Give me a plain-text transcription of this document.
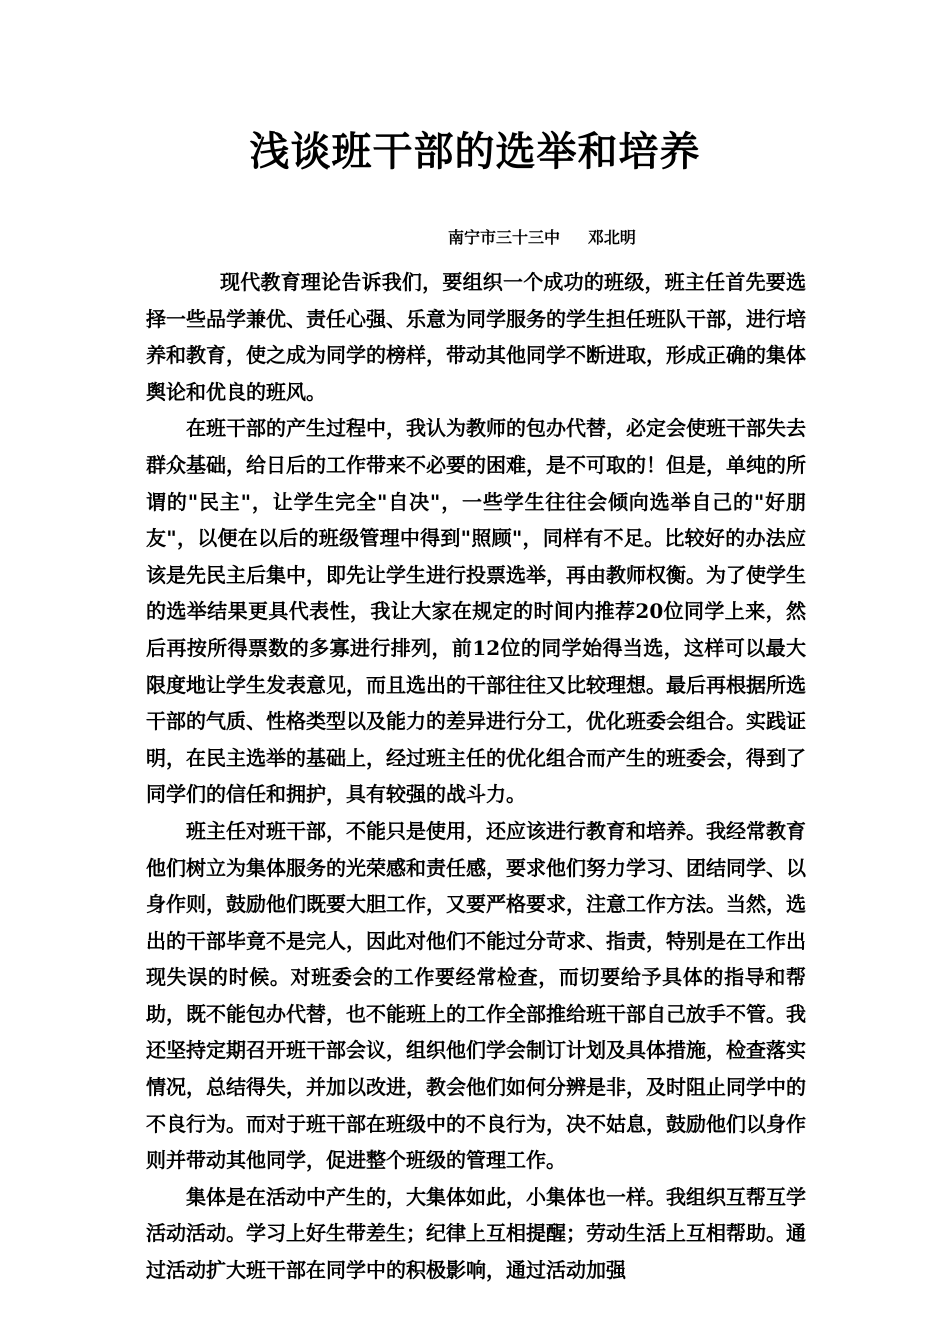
浅谈班干部的选举和培养
南宁市三十三中     邓北明

现代教育理论告诉我们，要组织一个成功的班级，班主任首先要选择一些品学兼优、责任心强、乐意为同学服务的学生担任班队干部，进行培养和教育，使之成为同学的榜样，带动其他同学不断进取，形成正确的集体舆论和优良的班风。

在班干部的产生过程中，我认为教师的包办代替，必定会使班干部失去群众基础，给日后的工作带来不必要的困难，是不可取的！但是，单纯的所谓的"民主"，让学生完全"自决"，一些学生往往会倾向选举自己的"好朋友"，以便在以后的班级管理中得到"照顾"，同样有不足。比较好的办法应该是先民主后集中，即先让学生进行投票选举，再由教师权衡。为了使学生的选举结果更具代表性，我让大家在规定的时间内推荐20位同学上来，然后再按所得票数的多寡进行排列，前12位的同学始得当选，这样可以最大限度地让学生发表意见，而且选出的干部往往又比较理想。最后再根据所选干部的气质、性格类型以及能力的差异进行分工，优化班委会组合。实践证明，在民主选举的基础上，经过班主任的优化组合而产生的班委会，得到了同学们的信任和拥护，具有较强的战斗力。

班主任对班干部，不能只是使用，还应该进行教育和培养。我经常教育他们树立为集体服务的光荣感和责任感，要求他们努力学习、团结同学、以身作则，鼓励他们既要大胆工作，又要严格要求，注意工作方法。当然，选出的干部毕竟不是完人，因此对他们不能过分苛求、指责，特别是在工作出现失误的时候。对班委会的工作要经常检查，而切要给予具体的指导和帮助，既不能包办代替，也不能班上的工作全部推给班干部自己放手不管。我还坚持定期召开班干部会议，组织他们学会制订计划及具体措施，检查落实情况，总结得失，并加以改进，教会他们如何分辨是非，及时阻止同学中的不良行为。而对于班干部在班级中的不良行为，决不姑息，鼓励他们以身作则并带动其他同学，促进整个班级的管理工作。

集体是在活动中产生的，大集体如此，小集体也一样。我组织互帮互学活动活动。学习上好生带差生；纪律上互相提醒；劳动生活上互相帮助。通过活动扩大班干部在同学中的积极影响，通过活动加强
